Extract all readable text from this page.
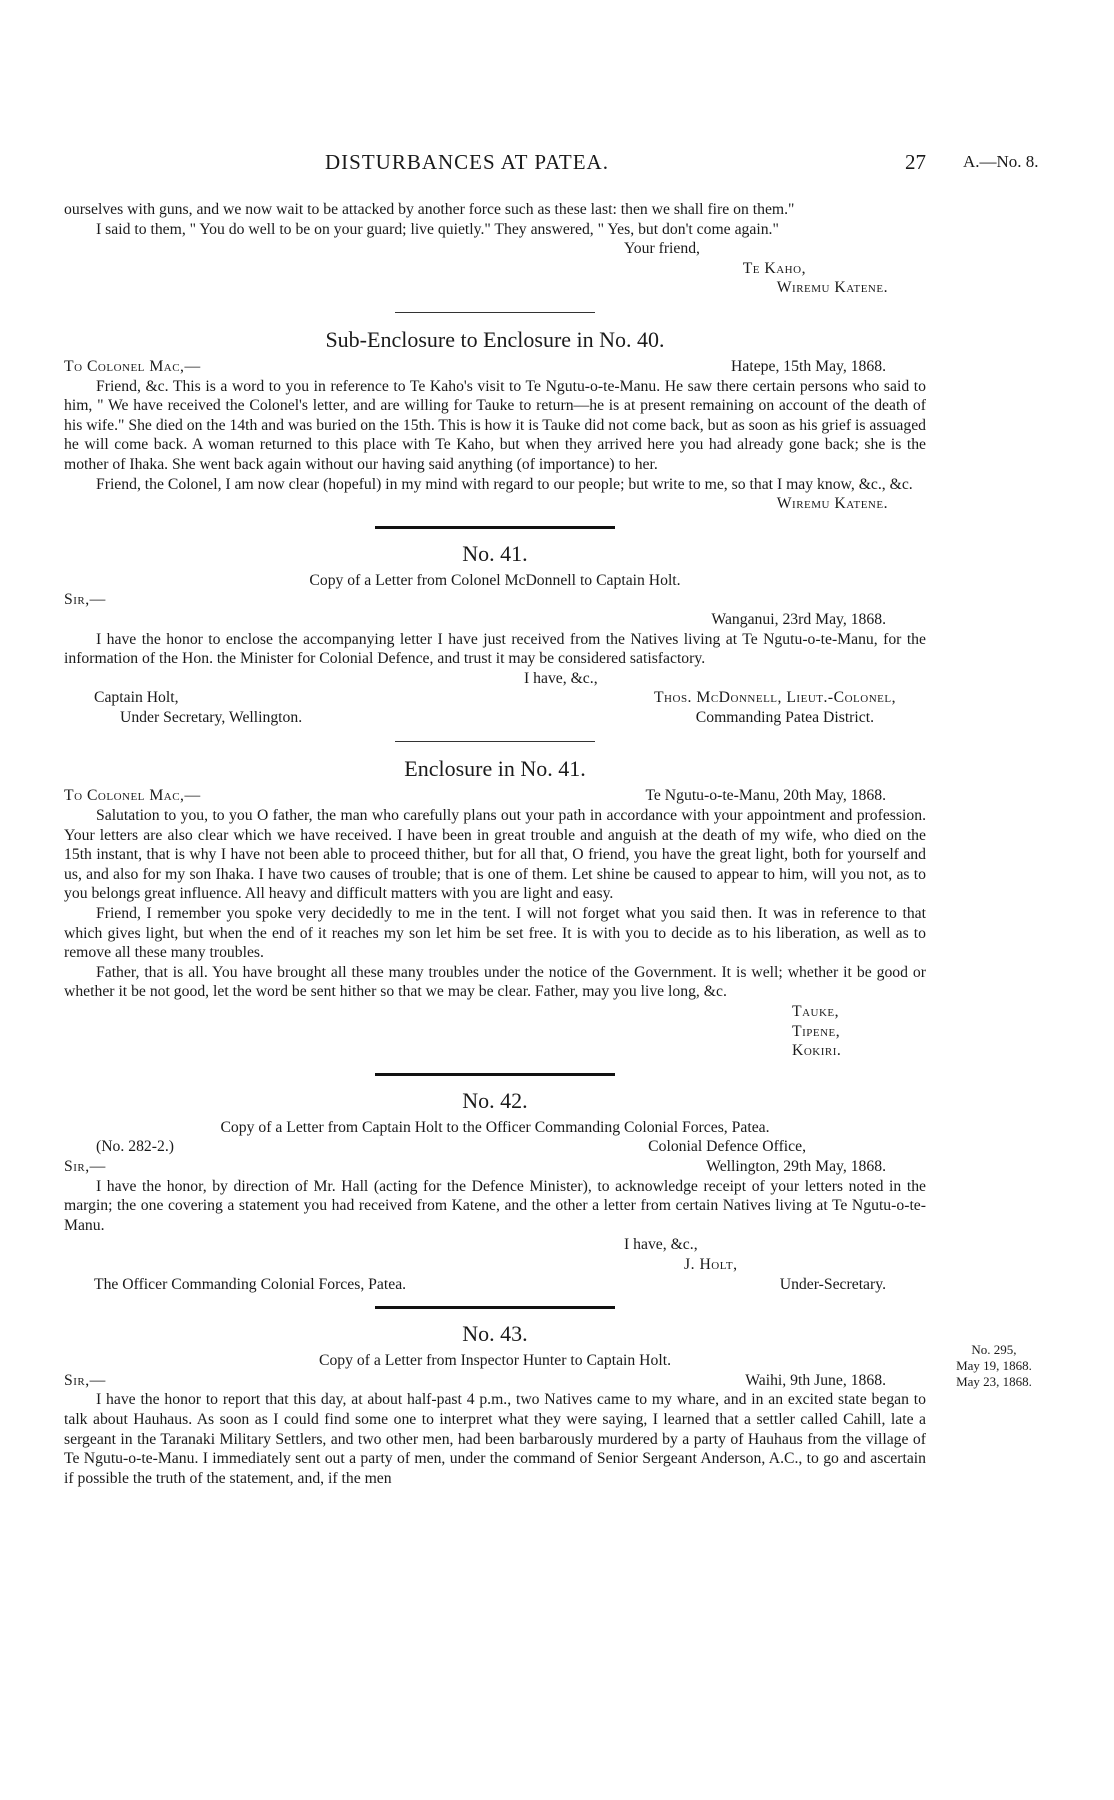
DISTURBANCES AT PATEA.	27 A.—No. 8.

ourselves with guns, and we now wait to be attacked by another force such as these last: then we shall fire on them."

I said to them, " You do well to be on your guard; live quietly." They answered, " Yes, but don't come again."

Your friend,
Te Kaho,
Wiremu Katene.
Sub-Enclosure to Enclosure in No. 40.
To Colonel Mac,—	Hatepe, 15th May, 1868.

Friend, &c. This is a word to you in reference to Te Kaho's visit to Te Ngutu-o-te-Manu. He saw there certain persons who said to him, " We have received the Colonel's letter, and are willing for Tauke to return—he is at present remaining on account of the death of his wife." She died on the 14th and was buried on the 15th. This is how it is Tauke did not come back, but as soon as his grief is assuaged he will come back. A woman returned to this place with Te Kaho, but when they arrived here you had already gone back; she is the mother of Ihaka. She went back again without our having said anything (of importance) to her.

Friend, the Colonel, I am now clear (hopeful) in my mind with regard to our people; but write to me, so that I may know, &c., &c.

Wiremu Katene.
No. 41.

Copy of a Letter from Colonel McDonnell to Captain Holt.

Sir,—
Wanganui, 23rd May, 1868.

I have the honor to enclose the accompanying letter I have just received from the Natives living at Te Ngutu-o-te-Manu, for the information of the Hon. the Minister for Colonial Defence, and trust it may be considered satisfactory.

I have, &c.,
Captain Holt,	Thos. McDonnell, Lieut.-Colonel,
Under Secretary, Wellington.	Commanding Patea District.
Enclosure in No. 41.
To Colonel Mac,—	Te Ngutu-o-te-Manu, 20th May, 1868.

Salutation to you, to you O father, the man who carefully plans out your path in accordance with your appointment and profession. Your letters are also clear which we have received. I have been in great trouble and anguish at the death of my wife, who died on the 15th instant, that is why I have not been able to proceed thither, but for all that, O friend, you have the great light, both for yourself and us, and also for my son Ihaka. I have two causes of trouble; that is one of them. Let shine be caused to appear to him, will you not, as to you belongs great influence. All heavy and difficult matters with you are light and easy.

Friend, I remember you spoke very decidedly to me in the tent. I will not forget what you said then. It was in reference to that which gives light, but when the end of it reaches my son let him be set free. It is with you to decide as to his liberation, as well as to remove all these many troubles.

Father, that is all. You have brought all these many troubles under the notice of the Government. It is well; whether it be good or whether it be not good, let the word be sent hither so that we may be clear. Father, may you live long, &c.

Tauke,
Tipene,
Kokiri.
No. 42.

Copy of a Letter from Captain Holt to the Officer Commanding Colonial Forces, Patea.

(No. 282-2.)	Colonial Defence Office,
Sir,—	Wellington, 29th May, 1868.

I have the honor, by direction of Mr. Hall (acting for the Defence Minister), to acknowledge receipt of your letters noted in the margin; the one covering a statement you had received from Katene, and the other a letter from certain Natives living at Te Ngutu-o-te-Manu.

I have, &c.,
J. Holt,
The Officer Commanding Colonial Forces, Patea.	Under-Secretary.
No. 43.

Copy of a Letter from Inspector Hunter to Captain Holt.

Sir,—	Waihi, 9th June, 1868.

I have the honor to report that this day, at about half-past 4 p.m., two Natives came to my whare, and in an excited state began to talk about Hauhaus. As soon as I could find some one to interpret what they were saying, I learned that a settler called Cahill, late a sergeant in the Taranaki Military Settlers, and two other men, had been barbarously murdered by a party of Hauhaus from the village of Te Ngutu-o-te-Manu. I immediately sent out a party of men, under the command of Senior Sergeant Anderson, A.C., to go and ascertain if possible the truth of the statement, and, if the men

No. 295,
May 19, 1868.
May 23, 1868.
